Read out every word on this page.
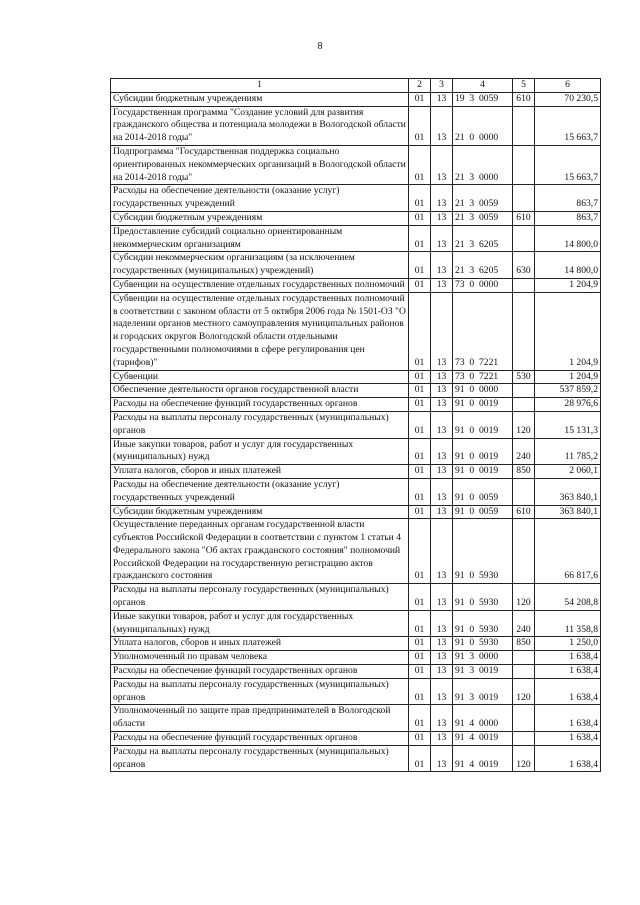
8
1	2	3	4	5	6
Субсидии бюджетным учреждениям	01	13	19  3  0059	610	70 230,5
Государственная программа "Создание условий для развития гражданского общества и потенциала молодежи в Вологодской области на 2014-2018 годы"	01	13	21  0  0000		15 663,7
Подпрограмма "Государственная поддержка социально ориентированных некоммерческих организаций в Вологодской области на 2014-2018 годы"	01	13	21  3  0000		15 663,7
Расходы на обеспечение деятельности (оказание услуг) государственных учреждений	01	13	21  3  0059		863,7
Субсидии бюджетным учреждениям	01	13	21  3  0059	610	863,7
Предоставление субсидий социально ориентированным некоммерческим организациям	01	13	21  3  6205		14 800,0
Субсидии некоммерческим организациям (за исключением государственных (муниципальных) учреждений)	01	13	21  3  6205	630	14 800,0
Субвенции на осуществление отдельных государственных полномочий	01	13	73  0  0000		1 204,9
Субвенции на осуществление отдельных государственных полномочий в соответствии с законом области от 5 октября 2006 года № 1501-ОЗ "О наделении органов местного самоуправления муниципальных районов и городских округов Вологодской области отдельными государственными полномочиями в сфере регулирования цен (тарифов)"	01	13	73  0  7221		1 204,9
Субвенции	01	13	73  0  7221	530	1 204,9
Обеспечение деятельности органов государственной власти	01	13	91  0  0000		537 859,2
Расходы на обеспечение функций государственных органов	01	13	91  0  0019		28 976,6
Расходы на выплаты персоналу государственных (муниципальных) органов	01	13	91  0  0019	120	15 131,3
Иные закупки товаров, работ и услуг для государственных (муниципальных) нужд	01	13	91  0  0019	240	11 785,2
Уплата налогов, сборов и иных платежей	01	13	91  0  0019	850	2 060,1
Расходы на обеспечение деятельности (оказание услуг) государственных учреждений	01	13	91  0  0059		363 840,1
Субсидии бюджетным учреждениям	01	13	91  0  0059	610	363 840,1
Осуществление переданных органам государственной власти субъектов Российской Федерации в соответствии с пунктом 1 статьи 4 Федерального закона "Об актах гражданского состояния" полномочий Российской Федерации на государственную регистрацию актов гражданского состояния	01	13	91  0  5930		66 817,6
Расходы на выплаты персоналу государственных (муниципальных) органов	01	13	91  0  5930	120	54 208,8
Иные закупки товаров, работ и услуг для государственных (муниципальных) нужд	01	13	91  0  5930	240	11 358,8
Уплата налогов, сборов и иных платежей	01	13	91  0  5930	850	1 250,0
Уполномоченный по правам человека	01	13	91  3  0000		1 638,4
Расходы на обеспечение функций государственных органов	01	13	91  3  0019		1 638,4
Расходы на выплаты персоналу государственных (муниципальных) органов	01	13	91  3  0019	120	1 638,4
Уполномоченный по защите прав предпринимателей в Вологодской области	01	13	91  4  0000		1 638,4
Расходы на обеспечение функций государственных органов	01	13	91  4  0019		1 638,4
Расходы на выплаты персоналу государственных (муниципальных) органов	01	13	91  4  0019	120	1 638,4
